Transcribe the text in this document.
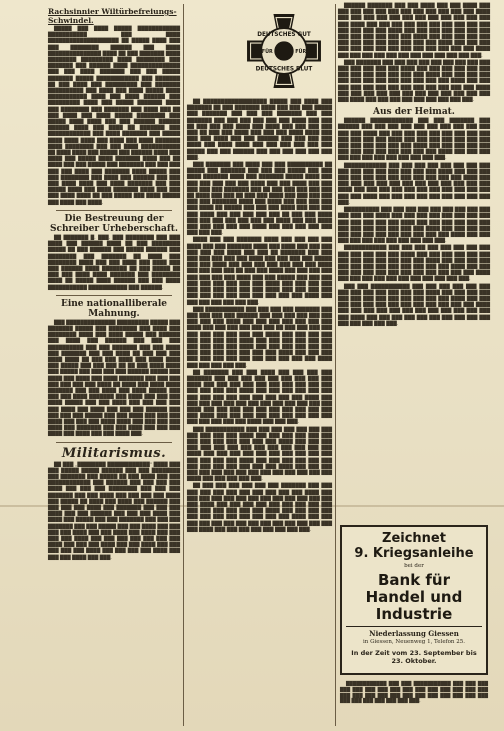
Rachsinnier Wiltürbefreiungs-Schwindel.

█████ ███ ████ █████ ████████████ ███████████ ███ ████ ████████████████████ ██ █████ ████ ███ ███ ████████ ██████ ███ ████ ███████████████ ████ ██ ███ ███████ ████ ████████ █████████ ████ ████████ ███ ███████ ███ ██████ ████ ██████████████ ███ ███ ████ ███████ ███ ███ █████ ███████ █████ ████████████ ███ ███████ ██ ███ ████ ███ █████████ ███ ███████ ██████████ ███ ████ ███ ████ █████ ████ ███████████ ████ ███ ████ ██████ ███ █████████ ████ ███ █████ ███████ ████ ███ ████████ ███ ███████ ███ ████ ███ ██ ███ ████ ███ ████ █████ ████████ ███ █████ ████ ████ ███ ███ ██████ ██████ ██████ ████ ███ ████ ██ ███████ ███ ████████████ ███ ████ ███████ ███ █████ ████ ████ ████ ███ ████ ███ ████ ███████ ████ ████████ ███ ███ ████ ███████████ ██ ████ ████ ███ █████ ███ ██████ ████ ███ ████ ███ █████ ████ ███████ ████ ███ ██ ████ ███ ███ █████ ███ ███████ ███ ███ ███ ███ ███ ████ ███ ███████ ████ █████ ███ ███ ████████ ███ ████ ███ ██████ ███ ███ ███ ████ ████ ███ ████ ███████ ███ ███ █████ ████ ███ ████ ███████ ████ ███ ███ ███ ████ ████ ██ ███ █████ ███ ████ █████ ███ ████ ███ ████.

Die Bestreuung der Schreiber Urheberschaft.

██ ███████ █. ███. ███ ████████ ███ ███ ████ ███ ██████ ████ ██ ███ ████████ █████ ██ ███ ██████ ███ █████ ██████ ███ ████████ ███ ███████ ██ ████ ███ ████████ ████ ███ ███ ████ ███ ████ ███ ███ ██████ ████ ███████ ██ ███ █████ ██ ███ ███ ████ ████ ███████ ███ ████████ ████ ██ █████ ████ ██████ ███ ███ ████ ███████████ ███████████ ███ ██████.

Eine nationalliberale Mahnung.

███ ██████████████ █████████ █████ ███ ███████ █████ ███ ████████ ███ ████ ███ ████████ ████ ███ ████ █████ ███ ██████ ███ ████ ███ ██████ ███ ███ ███ ██████████ ███ ███ ███████ ███ ███ ████ ███ ███████ ███ ███ ████ ██ ███ ███ ███ ████ ████ ██ ███ ███ ████ ███ ████ ████ ███ █████ ███ ███ ███ ██ ██ ███ ████ ████ ███ █████ ███ ███ ███ ███ ██████ █████ ███ ████ ███ ████ ███ ████ ███████ ███ ███ ███ ███ ███ ███ ███ ████ ██ ████ ███ ████ ████ ███████ ███ ███ ████ ███ ████ █████ ███ ███ ███ ████ ███████ ███ ████ ███ ███ ███ ████ █████ ███ ███ ████ ███ ███ ███ ███ ███ ████ ███ ████ ███ ███ ███ ██████ ███ ███ ███ ███ █████ ███ ███ ████ ███ ███ ███ ████ ███ ███ ███ ████ ████ ███ ███ ███ ███ ████ ███ ███████ ███ ███ ████ ███ ███ ███ ████ ███ ████ ███ ███ ████ ███.

Militarismus.

██ ███ „████████ ████████████" ████ ███ ███ █████ █████ ██████ ███ ███ ████████ ███ ███████ ███ █████ ██ ███ ████ ███ ███ ████████████ ███ ██████ ███ ███ ███ ███ ████ ███ ███ ███ ████████ ███ ███ ███ ███████ ███ ███ ████ ███ ███ ███ ███ ████ ███ █████ ██ ████ ███ ████ ███ ██████ ███ ███ ███ ███ ████ ███ ███████ ███ ███ ███ ████ ███ ███ ██████ ███ ███ ███ ████ ███ ████ ███ █████ ███ ███ ███████ ███ ███ ███ ███████ ███ ███ █████ ███ ███ ████ ███ ███ ███ ███ ████ ███ ███ ████ ███ ████ ███ ███ ███ ███ ████ ███ ███ ███ ███ ███ ███ ███ ████ ███ ███ ███ ████ ███ ███ ████ ███ ███ ███ ███ ███ ████ ███ ███ ███ ███ ████ ███ ███ ███ ████ ███ ███.

DEUTSCHES GUT
DEUTSCHES BLUT
FÜR	FÜR

██ ██████████████████ █████ ███ ████ ███ ███████ ██ ███ ███████ ████ ███ ███ ███ █████ ███ ███████ ███ ███ ███ ███████ ███ ███ ███████ ███ ███ ███ ███ ███ ███ ████ ███ ███ ██ ███ ███ ███ ████ ███ ████ ███ ███ ███ ███ ███ ██ ███ ███ ████ ███ ███ ███ ████ ████ ███ ███ ███ ████ ███ ███ ██████ ███ ███ ███ ███ ████ ███ ████ ████ ███ ███ ███ ███ ███ ███ █████ ███ ███ ██████ ███ ███ ███ ███ ███ ███ ███.

███ ███████ ███ ████ ███ ███ ██████████ ██ █████ ███ ███████ ███ ███ ███ █████ ███ ███ ████ ███████ ████ ███ ███████ █████ ████ ███ ███ ███ ███ ███ ███ ████ ███ ███ ████ ███ ███ ███ ███ ███ ███████ ███ ██ ███ ███ ███ ███ ███ ██ ████ ███ ███ ██ ███ ███ ████ ███ ███ ███ ███ ███ ███ ███████ ████ ███ ████ ███ ███ ███ ███ ███ ████ ██ █████ ███ ███ ███ ████ ███ ███ ███ ███ ████ ███ ███ ███ ███ ███ ██ ███ ███ ████ ███ ███ ███ ███ ███ ███ ███ ████ ███ ███ ████ ███ ███ ███ ███ ███ ████ ███ ███ ███ ███ ███ ███ ███ ███.

████ ███ ███ ███████ ████ ███ ███ ███ ███ ████ ███ ███ ███████ ████ ███ ████ ███ ███ ███ ███ ███ ███ ████ ███ ███ ██ ███████ ███ ███ ███ ███ ███ ███ ███ ████ ███ ███ ███ ███ █████ ███ ███ ████ ███ ███ ███ ███ ███ ███ ███ ████ ███ ███ ███ ███ ██ ███ ███ ████ ███ ███ ███ ███ ███ ███ ███ ███ ████ ███ ███ █████ ███ ███ ███ ███ ███ ███ ███ ███ ███ ████ ███ ███ ███ ███ ███ ███ ███ ███ ███ ███ ████ ███ ███ ███ ███ ███ ███ ███ ███ ███ ███ ███ ███ ███ ████ ███ ███ ███ ███ ███ ███ ███.

███ ███████████ ███ ███ ███ ███ ███████ ███ ███ ███ ███ ███ ██████ ███ ███ ███ ███ ███ ███ ███ ███ ███ ████ ███ ███ ███ ███ ███ ███ ███ ████ ███ ███ ███ ███ ███ ███ ██ ███ ███ ███ ███ ███ ███ ███ ███ ███ ███ ████ ███ ███ ███ ███ ███ ███ ███ ███ ████ ███ ███ ███ ███ ███ ███ ███ ███ ███ ███ ████ ███ ███ ███ ███ ███ ███ ███ ███ ███ ███ ███ ███ ███ ████ ███ ███ ███ ███ ███ ███ ███ ███ ███ ███ ███ ███ ███ ████ ███ ███ ███ ███ ███.

██ ███████ ███ ███ ████ ███ ███ ███ ███ ███████ ███ ███ ███ ███ ███ ███ ███ ███ ███ ████ ███ ███ ███ ███ ███ ███ ███ ███ ███ ███ ███ ███ ███ ███ ████ ███ ███ ███ ███ ███ ███ ███ ███ ███ ███ ███ ███ ███ ███ ███ ████ ███ ███ ███ ███ ███ ███ ███ ███ ███ ███ ███ ███ ███ ████ ███ ███ ███ ███ ███ ███ ███ ███ ███ ███ ███ ████ ███ ███ ███ ███ ███ ███ ███ ███ ███ ███ ███ ███ ███ ███ ████ ███ ███ ███.

███ ███████████ ███ ███ ███ ███ ███ ███ ███ ███ ███ ███ ███ ████ ███ ███ ███ ███ ███ ███ ███ ███ ███ ███ ███ ███ ███ ████ ███ ███ ███ ███ ███ ███ ███ ███ ███ ███ ███ ███ ███ ███ ████ ███ ███ ███ ███ ███ ███ ███ ███ ███ ███ ███ ███ ███ ███ ████ ███ ███ ███ ███ ███ ███ ███ ███ ███ ███ ███ ███ ███ ████ ███ ███ ███ ███ ███ ███ ███ ███ ███ ███ ███ ███ ███ ███ ███ ████ ███ ███ ███ ███ ███.

██ ███ ███ ███ ███ ███ ███ ███████ ███ ███ ███ ███ ███ ███ ███ ███ ███ ███ ███ ████ ███ ███ ███ ███ ███ ███ ███ ███ ███ ███ ███ ███ ███ ███ ████ ███ ███ ███ ███ ███ ███ ███ ███ ███ ███ ███ ███ ███ ███ ███ ████ ███ ███ ███ ███ ███ ███ ███ ███ ███ ███ ███ ███ ████ ███ ███ ███ ███ ███ ███ ███ ███ ███ ███ ███ ███ ███ ███ ███ ████ ███ ███ ███ ███ ███ ███ ███ ███.

██████ ███████ ███ ███ ████ ███ ███ ████ ███ ███ ███ ███ ███ ███ ███ ███ ███ ███ ███ ███ ████ ███ ███ ███ ███ ███ ███ ███ ███ ███ ███ ███ ███ ███ ████ ███ ███ ███ ███ ███ ███ ███ ███ ███ ███ ███ ███ ███ ███ ████ ███ ███ ███ ███ ███ ███ ███ ███ ███ ███ ███ ███ ███ ████ ███ ███ ███ ███ ███ ███ ███ ███ ███ ███ ███ ███ ███ ████ ███ ███ ███ ███ ███ ███ ███ ███ ███ ███ ███ ███ ███ ███ ████ ███ ███ ███ ███ ███ ███ ███ ███ ███ ███ ███ ███.

███ ███████ ███ ███ ███ ███ ███ ███ ███ ███ ███ ███ ███ ███ ███ ███ ████ ███ ███ ███ ███ ███ ███ ███ ███ ███ ███ ███ ███ ███ ████ ███ ███ ███ ███ ███ ███ ███ ███ ███ ███ ███ ███ ███ ████ ███ ███ ███ ███ ███ ███ ███ ███ ███ ███ ███ ███ ███ ████ ███ ███ ███ ███ ███ ███ ███ ███ ███ ███ ███ ███ ███ ████ ███ ███ ███ ███ ███ ███ ███ ███ ███.

Aus der Heimat.

██████ ████████████ ███ ███ ███████ ███ ██████ ███ ███ ███ ███ ███ ███ ███ ███ ███ ███ ███ ███ ████ ███ ███ ███ ███ ███ ███ ███ ███ ███ ███ ███ ███ ███ ████ ███ ███ ███ ███ ███ ███ ███ ███ ███ ███ ███ ███ ███ ████ ███ ███ ███ ███ ███ ███ ███ ███ ███ ███ ███ ███ ███ ████ ███ ███ ███ ███ ███ ███ ███ ███ ███ ███ ███ ███.

████████████ ███ ███ ███ ███ ███ ███ ███ ███ ███ ███ ███ ███ ███ ███ ███ ███ ████ ███ ███ ███ ███ ███ ███ ███ ███ ███ ███ ███ ███ ███ ████ ███ ███ ███ ███ ███ ███ ███ ███ ███ ███ ███ ███ ███ ████ ███ ███ ███ ███ ███ ███ ███ ███ ███ ███ ███ ███ ███ ████ ███ ███ ███ ███ ███ ███ ███ ███ ███ ███.

██████████ ███ ███ ███ ███ ███ ███ ███ ███ ███ ███ ███ ███ ████ ███ ███ ███ ███ ███ ███ ███ ███ ███ ███ ███ ███ ███ ████ ███ ███ ███ ███ ███ ███ ███ ███ ███ ███ ███ ███ ███ ████ ███ ███ ███ ███ ███ ███ ███ ███ ███ ███ ███ ███ ███ ████ ███ ███ ███ ███ ███ ███ ███ ███ ███ ███ ███.

████████████ ███ ███ ███ ███ ███ ███ ███ ███ ███ ███ ███ ███ ███ ████ ███ ███ ███ ███ ███ ███ ███ ███ ███ ███ ███ ███ ███ ████ ███ ███ ███ ███ ███ ███ ███ ███ ███ ███ ███ ███ ███ ████ ███ ███ ███ ███ ███ ███ ███ ███ ███ ███ ███ ███ ███ ████ ███ ███ ███ ███ ███ ███ ███ ███ ███ ███ ███.

███ ███ ███████████ ███ ███ ███ ███ ███ ███ ███ ███ ███ ███ ███ ███ ███ ████ ███ ███ ███ ███ ███ ███ ███ ███ ███ ███ ███ ███ ███ ████ ███ ███ ███ ███ ███ ███ ███ ███ ███ ███ ███ ███ ███ ████ ███ ███ ███ ███ ███ ███ ███ ███ ███ ███ ███ ███ ███ ████ ███ ███ ███ ███ ███ ███ ███ ███ ███ ███ ███ ███ ███ ███ ███.

Zeichnet
9. Kriegsanleihe
bei der
Bank für Handel und Industrie
Niederlassung Giessen
in Giessen, Neuenweg 1, Telefon 25.
In der Zeit vom 23. September bis 23. Oktober.

████████████ ███ ███ ███████████ ███ ███ ███ ███ ███ ███ ███ ███ ███ ███ ███ ███ ███ ███ ███ ███ ███ ███ ███ ███ ███ ███ ███ ███ ███ ███ ███ ███ ███ ███ ███ ███ ███ ███.
